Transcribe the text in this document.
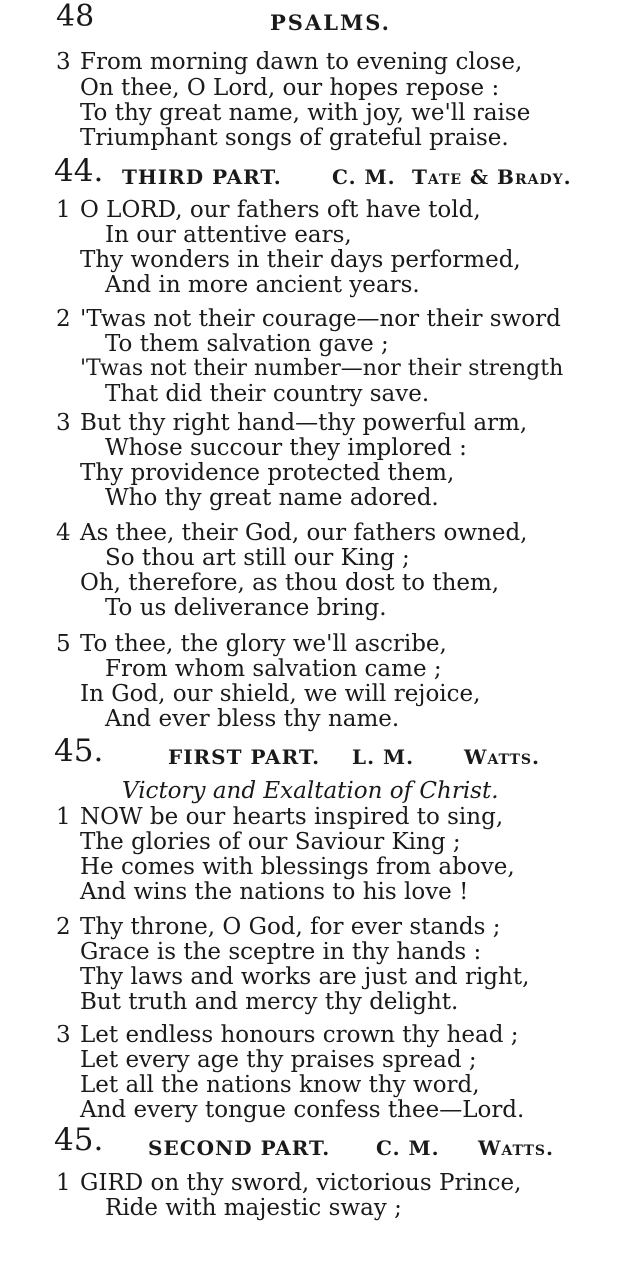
48	PSALMS.
3 From morning dawn to evening close,
On thee, O Lord, our hopes repose :
To thy great name, with joy, we'll raise
Triumphant songs of grateful praise.
44. THIRD PART.	C. M. Tate & Brady.
1 O LORD, our fathers oft have told,
In our attentive ears,
Thy wonders in their days performed,
And in more ancient years.
2 'Twas not their courage—nor their sword
To them salvation gave ;
'Twas not their number—nor their strength
That did their country save.
3 But thy right hand—thy powerful arm,
Whose succour they implored :
Thy providence protected them,
Who thy great name adored.
4 As thee, their God, our fathers owned,
So thou art still our King ;
Oh, therefore, as thou dost to them,
To us deliverance bring.
5 To thee, the glory we'll ascribe,
From whom salvation came ;
In God, our shield, we will rejoice,
And ever bless thy name.
45.	FIRST PART. L. M. Watts.
Victory and Exaltation of Christ.
1 NOW be our hearts inspired to sing,
The glories of our Saviour King ;
He comes with blessings from above,
And wins the nations to his love !
2 Thy throne, O God, for ever stands ;
Grace is the sceptre in thy hands :
Thy laws and works are just and right,
But truth and mercy thy delight.
3 Let endless honours crown thy head ;
Let every age thy praises spread ;
Let all the nations know thy word,
And every tongue confess thee—Lord.
45. SECOND PART. C. M. Watts.
1 GIRD on thy sword, victorious Prince,
Ride with majestic sway ;
